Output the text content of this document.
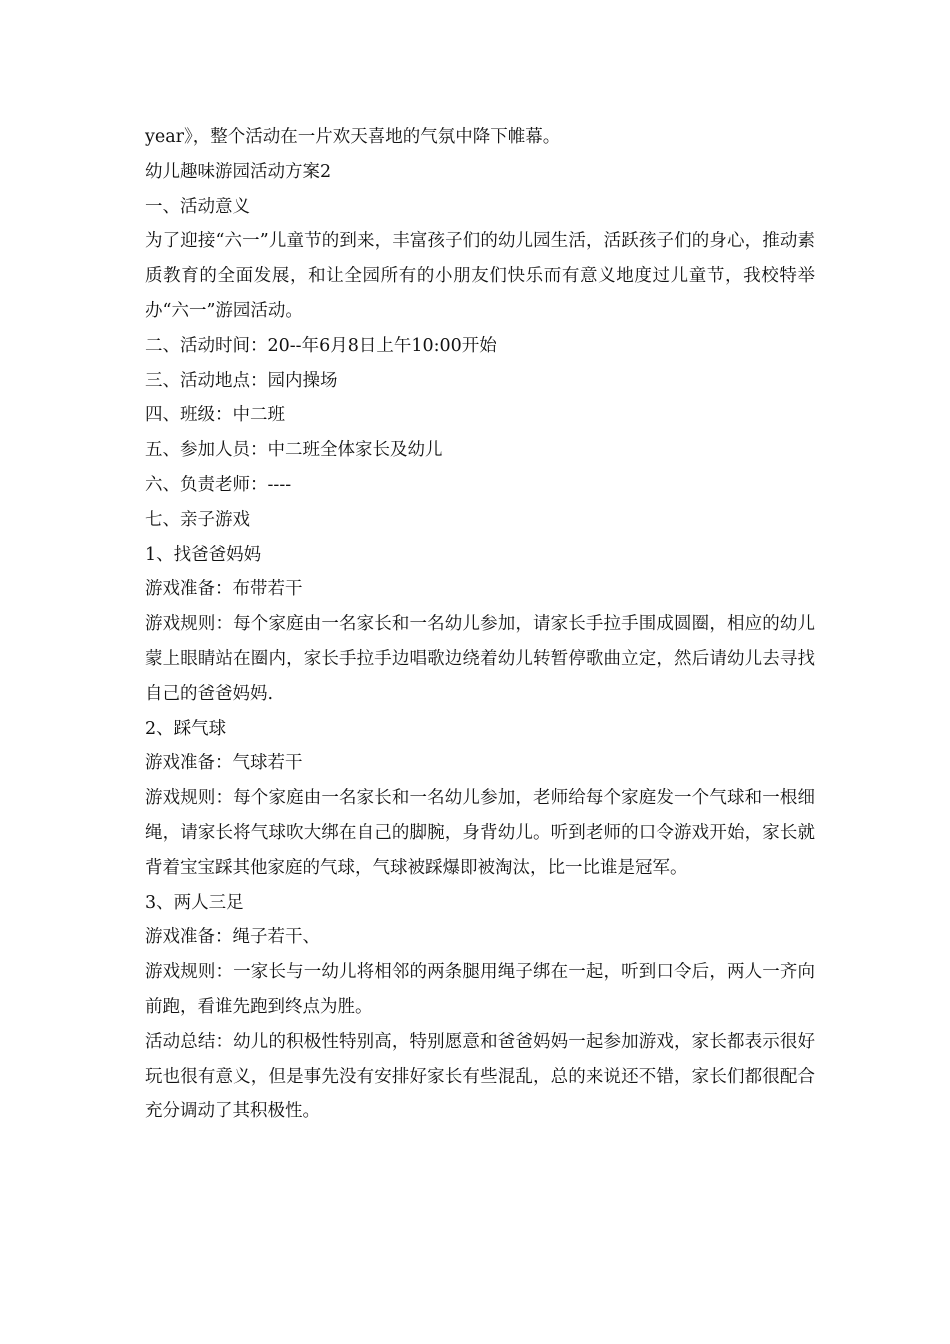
year》，整个活动在一片欢天喜地的气氛中降下帷幕。

幼儿趣味游园活动方案2

一、活动意义

为了迎接“六一”儿童节的到来，丰富孩子们的幼儿园生活，活跃孩子们的身心，推动素质教育的全面发展，和让全园所有的小朋友们快乐而有意义地度过儿童节，我校特举办“六一”游园活动。

二、活动时间：20--年6月8日上午10:00开始

三、活动地点：园内操场

四、班级：中二班

五、参加人员：中二班全体家长及幼儿

六、负责老师：----

七、亲子游戏

1、找爸爸妈妈

游戏准备：布带若干

游戏规则：每个家庭由一名家长和一名幼儿参加，请家长手拉手围成圆圈，相应的幼儿蒙上眼睛站在圈内，家长手拉手边唱歌边绕着幼儿转暂停歌曲立定，然后请幼儿去寻找自己的爸爸妈妈.

2、踩气球

游戏准备：气球若干

游戏规则：每个家庭由一名家长和一名幼儿参加，老师给每个家庭发一个气球和一根细绳，请家长将气球吹大绑在自己的脚腕，身背幼儿。听到老师的口令游戏开始，家长就背着宝宝踩其他家庭的气球，气球被踩爆即被淘汰，比一比谁是冠军。

3、两人三足

游戏准备：绳子若干、

游戏规则：一家长与一幼儿将相邻的两条腿用绳子绑在一起，听到口令后，两人一齐向前跑，看谁先跑到终点为胜。

活动总结：幼儿的积极性特别高，特别愿意和爸爸妈妈一起参加游戏，家长都表示很好玩也很有意义，但是事先没有安排好家长有些混乱，总的来说还不错，家长们都很配合充分调动了其积极性。
